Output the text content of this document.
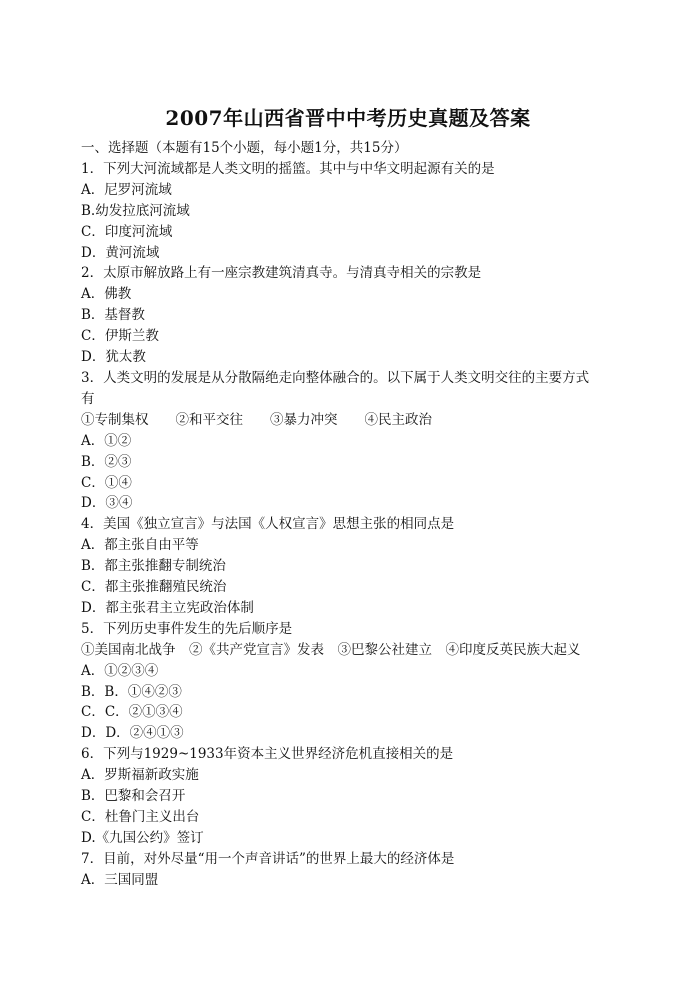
2007年山西省晋中中考历史真题及答案
一、选择题（本题有15个小题，每小题1分，共15分）
1．下列大河流域都是人类文明的摇篮。其中与中华文明起源有关的是
A．尼罗河流域
B.幼发拉底河流域
C．印度河流域
D．黄河流域
2．太原市解放路上有一座宗教建筑清真寺。与清真寺相关的宗教是
A．佛教
B．基督教
C．伊斯兰教
D．犹太教
3．人类文明的发展是从分散隔绝走向整体融合的。以下属于人类文明交往的主要方式
有
①专制集权　　②和平交往　　③暴力冲突　　④民主政治
A．①②
B．②③
C．①④
D．③④
4．美国《独立宣言》与法国《人权宣言》思想主张的相同点是
A．都主张自由平等
B．都主张推翻专制统治
C．都主张推翻殖民统治
D．都主张君主立宪政治体制
5．下列历史事件发生的先后顺序是
①美国南北战争　②《共产党宣言》发表　③巴黎公社建立　④印度反英民族大起义
A．①②③④
B．B．①④②③
C．C．②①③④
D．D．②④①③
6．下列与1929~1933年资本主义世界经济危机直接相关的是
A．罗斯福新政实施
B．巴黎和会召开
C．杜鲁门主义出台
D.《九国公约》签订
7．目前，对外尽量“用一个声音讲话”的世界上最大的经济体是
A．三国同盟
